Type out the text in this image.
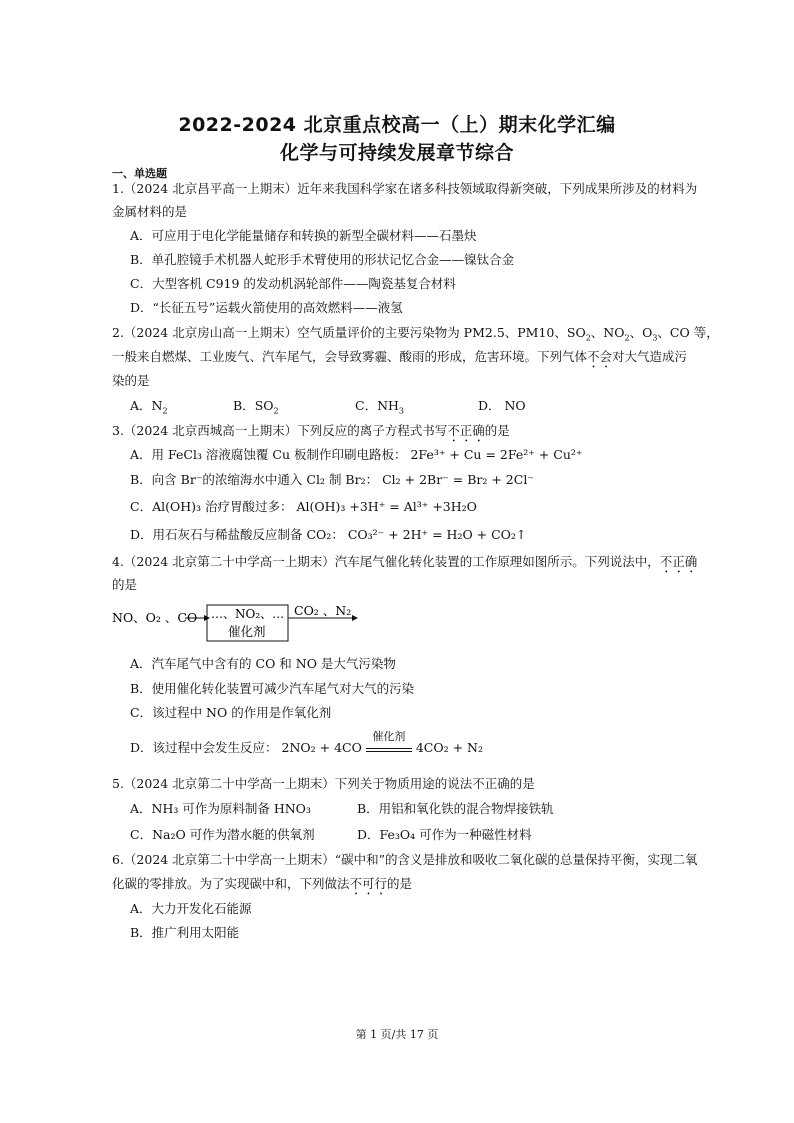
2022-2024 北京重点校高一（上）期末化学汇编
化学与可持续发展章节综合
一、单选题
1.（2024 北京昌平高一上期末）近年来我国科学家在诸多科技领域取得新突破，下列成果所涉及的材料为
金属材料的是
A．可应用于电化学能量储存和转换的新型全碳材料——石墨炔
B．单孔腔镜手术机器人蛇形手术臂使用的形状记忆合金——镍钛合金
C．大型客机 C919 的发动机涡轮部件——陶瓷基复合材料
D．“长征五号”运载火箭使用的高效燃料——液氢
2.（2024 北京房山高一上期末）空气质量评价的主要污染物为 PM2.5、PM10、$SO_2$、$NO_2$、$O_3$、CO 等，
一般来自燃煤、工业废气、汽车尾气，会导致雾霾、酸雨的形成，危害环境。下列气体不会对大气造成污
染的是
A．$N_2$	B．$SO_2$	C．$NH_3$	D． NO
3.（2024 北京西城高一上期末）下列反应的离子方程式书写不正确的是
A．用 FeCl₃ 溶液腐蚀覆 Cu 板制作印刷电路板： 2Fe³⁺ + Cu = 2Fe²⁺ + Cu²⁺
B．向含 Br⁻的浓缩海水中通入 Cl₂ 制 Br₂： Cl₂ + 2Br⁻ = Br₂ + 2Cl⁻
C．Al(OH)₃ 治疗胃酸过多： Al(OH)₃ +3H⁺ = Al³⁺ +3H₂O
D．用石灰石与稀盐酸反应制备 CO₂： CO₃²⁻ + 2H⁺ = H₂O + CO₂↑
4.（2024 北京第二十中学高一上期末）汽车尾气催化转化装置的工作原理如图所示。下列说法中，不正确
的是
NO、O₂ 、CO …、NO₂、…
催化剂
CO₂ 、N₂
A．汽车尾气中含有的 CO 和 NO 是大气污染物
B．使用催化转化装置可减少汽车尾气对大气的污染
C．该过程中 NO 的作用是作氧化剂
D．该过程中会发生反应： 2NO₂ + 4CO
催化剂
4CO₂ + N₂
5.（2024 北京第二十中学高一上期末）下列关于物质用途的说法不正确的是
A．NH₃ 可作为原料制备 HNO₃	B．用铝和氧化铁的混合物焊接铁轨
C．Na₂O 可作为潜水艇的供氧剂	D．Fe₃O₄ 可作为一种磁性材料
6.（2024 北京第二十中学高一上期末）“碳中和”的含义是排放和吸收二氧化碳的总量保持平衡，实现二氧
化碳的零排放。为了实现碳中和，下列做法不可行的是
A．大力开发化石能源
B．推广利用太阳能
第 1 页/共 17 页
